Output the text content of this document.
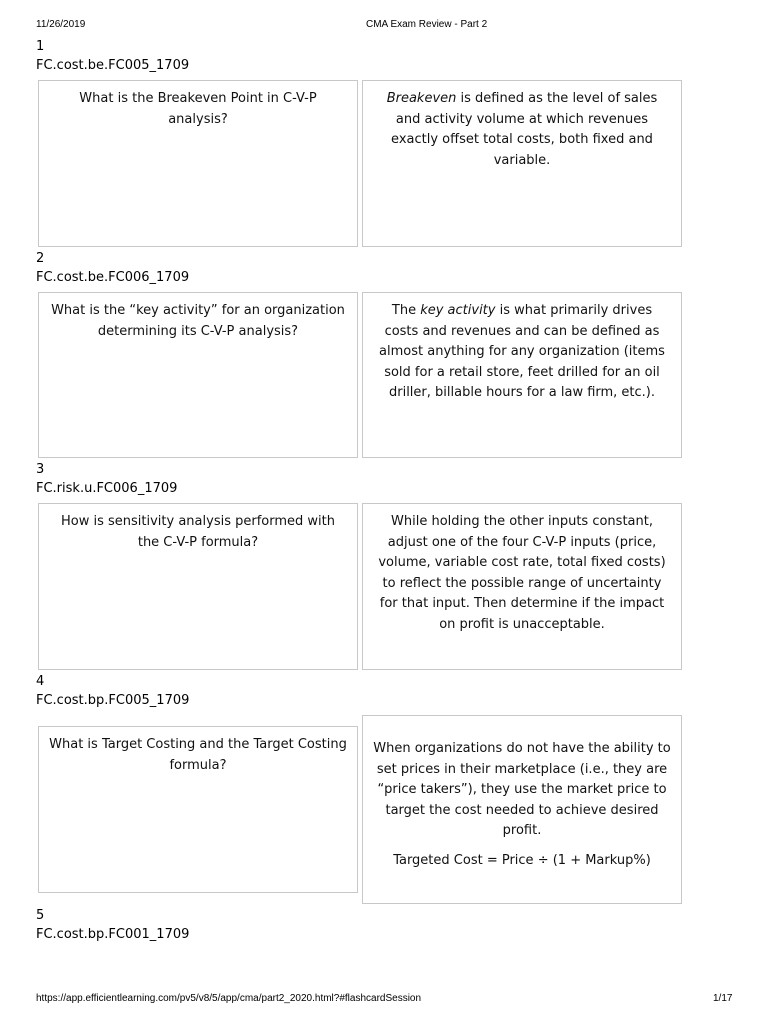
11/26/2019	CMA Exam Review - Part 2
1
FC.cost.be.FC005_1709

What is the Breakeven Point in C-V-P analysis?

Breakeven is defined as the level of sales and activity volume at which revenues exactly offset total costs, both fixed and variable.

2
FC.cost.be.FC006_1709

What is the “key activity” for an organization determining its C-V-P analysis?

The key activity is what primarily drives costs and revenues and can be defined as almost anything for any organization (items sold for a retail store, feet drilled for an oil driller, billable hours for a law firm, etc.).

3
FC.risk.u.FC006_1709

How is sensitivity analysis performed with the C-V-P formula?

While holding the other inputs constant, adjust one of the four C-V-P inputs (price, volume, variable cost rate, total fixed costs) to reflect the possible range of uncertainty for that input. Then determine if the impact on profit is unacceptable.

4
FC.cost.bp.FC005_1709

What is Target Costing and the Target Costing formula?

When organizations do not have the ability to set prices in their marketplace (i.e., they are “price takers”), they use the market price to target the cost needed to achieve desired profit.

Targeted Cost = Price ÷ (1 + Markup%)

5
FC.cost.bp.FC001_1709
https://app.efficientlearning.com/pv5/v8/5/app/cma/part2_2020.html?#flashcardSession	1/17
